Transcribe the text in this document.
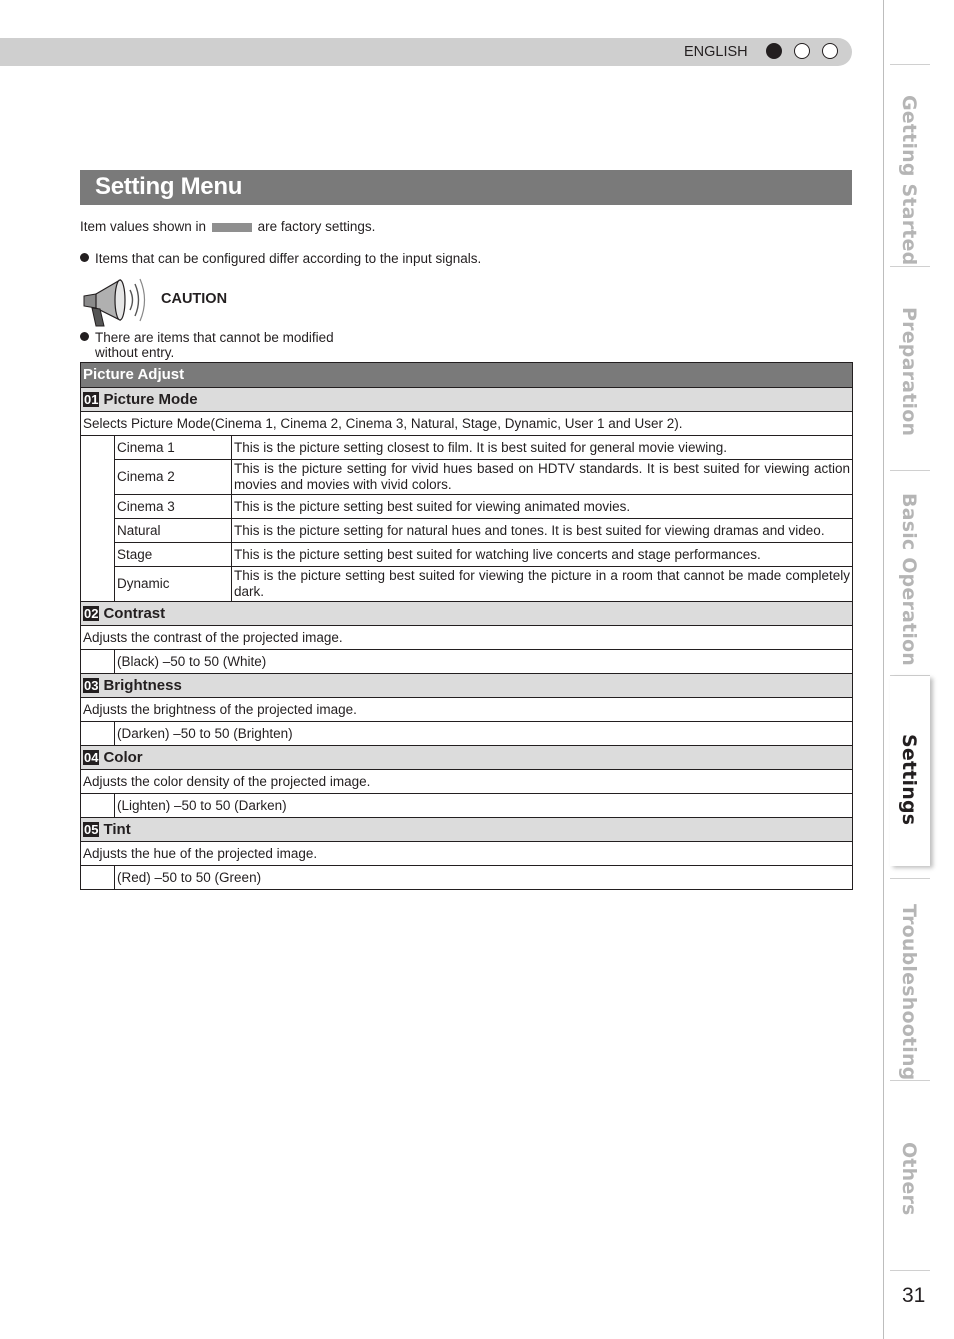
ENGLISH
Setting Menu
Item values shown in	are factory settings.
Items that can be configured differ according to the input signals.
CAUTION
There are items that cannot be modified
without entry.
Picture Adjust		
01 Picture Mode		
Selects Picture Mode(Cinema 1, Cinema 2, Cinema 3, Natural, Stage, Dynamic, User 1 and User 2).		
	Cinema 1	This is the picture setting closest to film. It is best suited for general movie viewing.
	Cinema 2	This is the picture setting for vivid hues based on HDTV standards. It is best suited for viewing action movies and movies with vivid colors.
	Cinema 3	This is the picture setting best suited for viewing animated movies.
	Natural	This is the picture setting for natural hues and tones. It is best suited for viewing dramas and video.
	Stage	This is the picture setting best suited for watching live concerts and stage performances.
	Dynamic	This is the picture setting best suited for viewing the picture in a room that cannot be made completely dark.
02 Contrast		
Adjusts the contrast of the projected image.		
	(Black) –50 to 50 (White)	
03 Brightness		
Adjusts the brightness of the projected image.		
	(Darken) –50 to 50 (Brighten)	
04 Color		
Adjusts the color density of the projected image.		
	(Lighten) –50 to 50 (Darken)	
05 Tint		
Adjusts the hue of the projected image.		
	(Red) –50 to 50 (Green)	
Getting Started
Preparation
Basic Operation
Settings
Troubleshooting
Others
31
